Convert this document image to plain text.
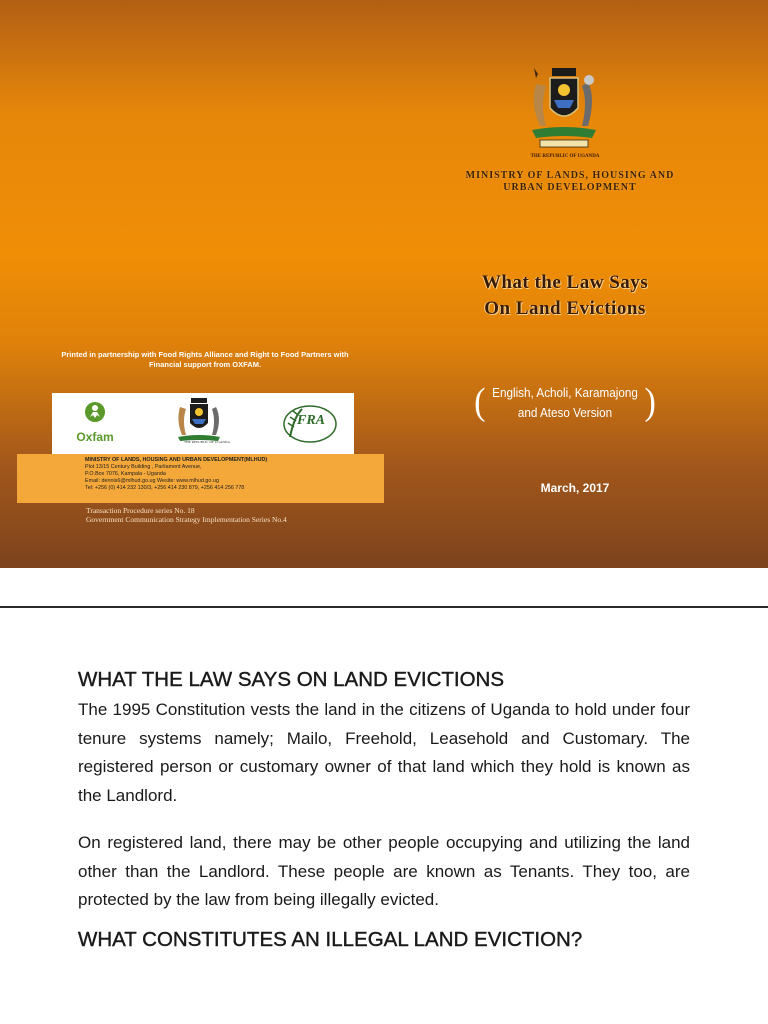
THE REPUBLIC OF UGANDA
MINISTRY OF LANDS, HOUSING AND
URBAN DEVELOPMENT
What the Law Says
On Land Evictions
( English, Acholi, Karamajong
and Ateso Version )
March, 2017
Printed in partnership with Food Rights Alliance and Right to Food Partners with
Financial support from OXFAM.
Oxfam	THE REPUBLIC OF UGANDA
FRA
MINISTRY OF LANDS, HOUSING AND URBAN DEVELOPMENT(MLHUD)
Plot 13/15 Century Building , Parliament Avenue,
P.O.Box 7076, Kampala - Uganda
Email: dennis6@mlhud.go.ug Wesite: www.mlhud.go.ug
Tel: +256 (0) 414 232 130/3, +256 414 230 879, +256 414 256 778
Transaction Procedure series No. 18
Government Communication Strategy Implementation Series No.4
WHAT THE LAW SAYS ON LAND EVICTIONS

The 1995 Constitution vests the land in the citizens of Uganda to hold under four tenure systems namely; Mailo, Freehold, Leasehold and Customary. The registered person or customary owner of that land which they hold is known as the Landlord.

On registered land, there may be other people occupying and utilizing the land other than the Landlord. These people are known as Tenants. They too, are protected by the law from being illegally evicted.

WHAT CONSTITUTES AN ILLEGAL LAND EVICTION?
